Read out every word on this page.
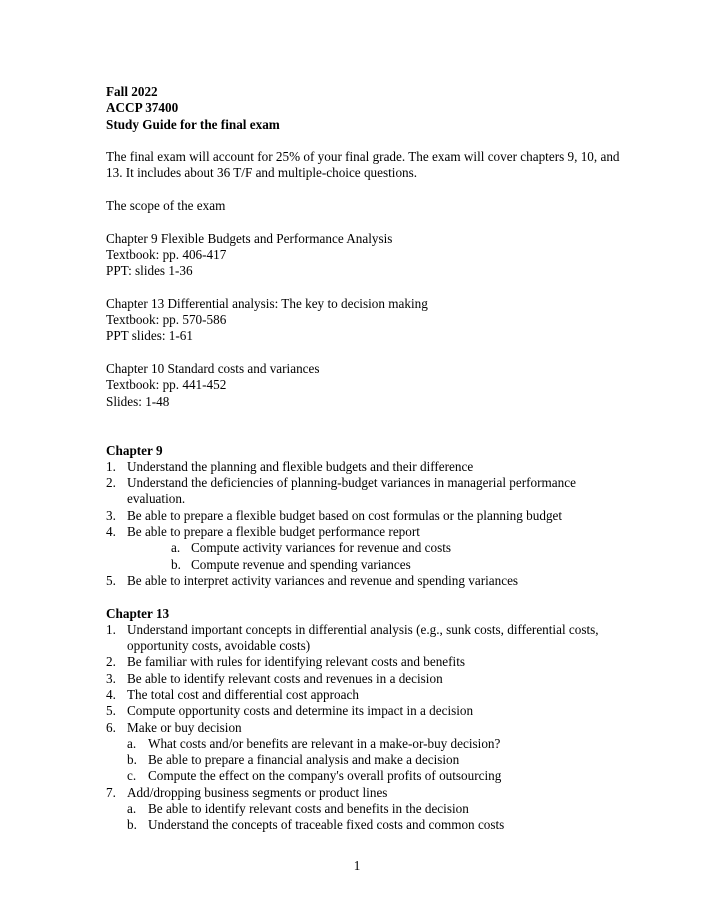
Fall 2022
ACCP 37400
Study Guide for the final exam
The final exam will account for 25% of your final grade. The exam will cover chapters 9, 10, and 13. It includes about 36 T/F and multiple-choice questions.
The scope of the exam
Chapter 9 Flexible Budgets and Performance Analysis
Textbook: pp. 406-417
PPT: slides 1-36
Chapter 13 Differential analysis: The key to decision making
Textbook: pp. 570-586
PPT slides: 1-61
Chapter 10 Standard costs and variances
Textbook: pp. 441-452
Slides: 1-48
Chapter 9
1. Understand the planning and flexible budgets and their difference
2. Understand the deficiencies of planning-budget variances in managerial performance evaluation.
3. Be able to prepare a flexible budget based on cost formulas or the planning budget
4. Be able to prepare a flexible budget performance report
a. Compute activity variances for revenue and costs
b. Compute revenue and spending variances
5. Be able to interpret activity variances and revenue and spending variances
Chapter 13
1. Understand important concepts in differential analysis (e.g., sunk costs, differential costs, opportunity costs, avoidable costs)
2. Be familiar with rules for identifying relevant costs and benefits
3. Be able to identify relevant costs and revenues in a decision
4. The total cost and differential cost approach
5. Compute opportunity costs and determine its impact in a decision
6. Make or buy decision
a. What costs and/or benefits are relevant in a make-or-buy decision?
b. Be able to prepare a financial analysis and make a decision
c. Compute the effect on the company's overall profits of outsourcing
7. Add/dropping business segments or product lines
a. Be able to identify relevant costs and benefits in the decision
b. Understand the concepts of traceable fixed costs and common costs
1
